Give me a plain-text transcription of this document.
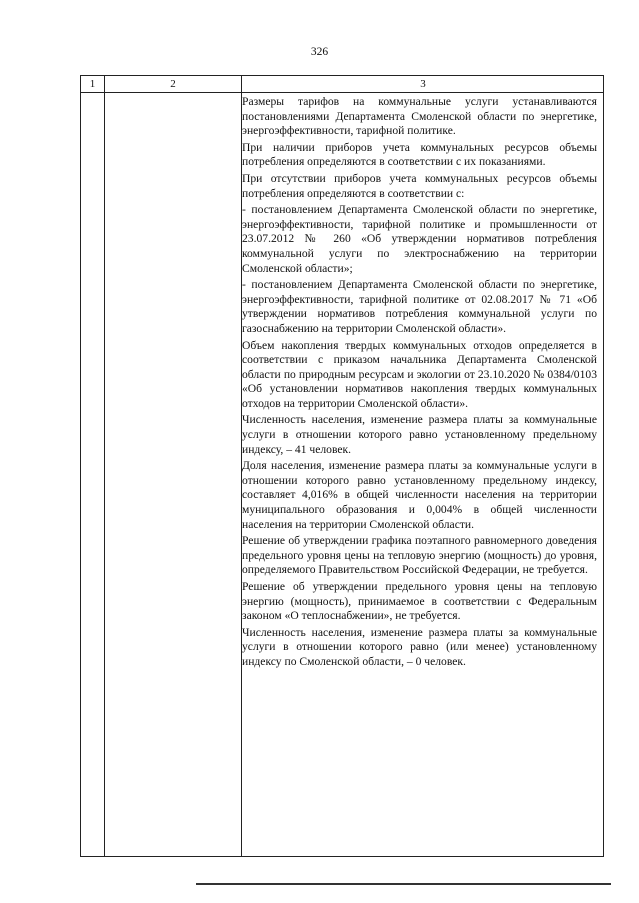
326
1	2	3

Размеры тарифов на коммунальные услуги устанавливаются постановлениями Департамента Смоленской области по энергетике, энергоэффективности, тарифной политике.

При наличии приборов учета коммунальных ресурсов объемы потребления определяются в соответствии с их показаниями.

При отсутствии приборов учета коммунальных ресурсов объемы потребления определяются в соответствии с:

- постановлением Департамента Смоленской области по энергетике, энергоэффективности, тарифной политике и промышленности от 23.07.2012 № 260 «Об утверждении нормативов потребления коммунальной услуги по электроснабжению на территории Смоленской области»;

- постановлением Департамента Смоленской области по энергетике, энергоэффективности, тарифной политике от 02.08.2017 № 71 «Об утверждении нормативов потребления коммунальной услуги по газоснабжению на территории Смоленской области».

Объем накопления твердых коммунальных отходов определяется в соответствии с приказом начальника Департамента Смоленской области по природным ресурсам и экологии от 23.10.2020 № 0384/0103 «Об установлении нормативов накопления твердых коммунальных отходов на территории Смоленской области».

Численность населения, изменение размера платы за коммунальные услуги в отношении которого равно установленному предельному индексу, – 41 человек.

Доля населения, изменение размера платы за коммунальные услуги в отношении которого равно установленному предельному индексу, составляет 4,016% в общей численности населения на территории муниципального образования и 0,004% в общей численности населения на территории Смоленской области.

Решение об утверждении графика поэтапного равномерного доведения предельного уровня цены на тепловую энергию (мощность) до уровня, определяемого Правительством Российской Федерации, не требуется.

Решение об утверждении предельного уровня цены на тепловую энергию (мощность), принимаемое в соответствии с Федеральным законом «О теплоснабжении», не требуется.

Численность населения, изменение размера платы за коммунальные услуги в отношении которого равно (или менее) установленному индексу по Смоленской области, – 0 человек.
